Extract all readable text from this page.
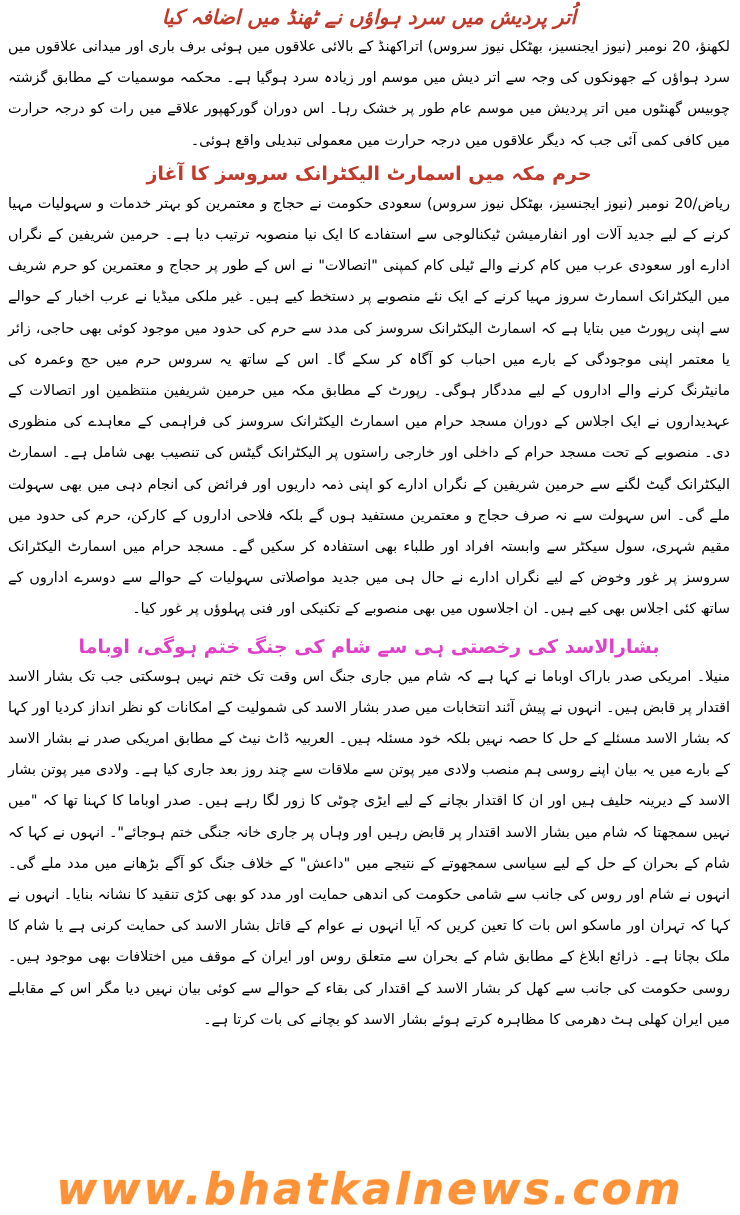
اُتر پردیش میں سرد ہواؤں نے ٹھنڈ میں اضافہ کیا

لکھنؤ، 20 نومبر (نیوز ایجنسیز، بھٹکل نیوز سروس) اتراکھنڈ کے بالائی علاقوں میں ہوئی برف باری اور میدانی علاقوں میں سرد ہواؤں کے جھونکوں کی وجہ سے اتر دیش میں موسم اور زیادہ سرد ہوگیا ہے۔ محکمہ موسمیات کے مطابق گزشتہ چوبیس گھنٹوں میں اتر پردیش میں موسم عام طور پر خشک رہا۔ اس دوران گورکھپور علاقے میں رات کو درجہ حرارت میں کافی کمی آئی جب کہ دیگر علاقوں میں درجہ حرارت میں معمولی تبدیلی واقع ہوئی۔

حرم مکہ میں اسمارٹ الیکٹرانک سروسز کا آغاز

ریاض/20 نومبر (نیوز ایجنسیز، بھٹکل نیوز سروس) سعودی حکومت نے حجاج و معتمرین کو بہتر خدمات و سہولیات مہیا کرنے کے لیے جدید آلات اور انفارمیشن ٹیکنالوجی سے استفادے کا ایک نیا منصوبہ ترتیب دیا ہے۔ حرمین شریفین کے نگراں ادارے اور سعودی عرب میں کام کرنے والے ٹیلی کام کمپنی "اتصالات" نے اس کے طور پر حجاج و معتمرین کو حرم شریف میں الیکٹرانک اسمارٹ سروز مہیا کرنے کے ایک نئے منصوبے پر دستخط کیے ہیں۔ غیر ملکی میڈیا نے عرب اخبار کے حوالے سے اپنی رپورٹ میں بتایا ہے کہ اسمارٹ الیکٹرانک سروسز کی مدد سے حرم کی حدود میں موجود کوئی بھی حاجی، زائر یا معتمر اپنی موجودگی کے بارے میں احباب کو آگاہ کر سکے گا۔ اس کے ساتھ یہ سروس حرم میں حج وعمرہ کی مانیٹرنگ کرنے والے اداروں کے لیے مددگار ہوگی۔ رپورٹ کے مطابق مکہ میں حرمین شریفین منتظمین اور اتصالات کے عہدیداروں نے ایک اجلاس کے دوران مسجد حرام میں اسمارٹ الیکٹرانک سروسز کی فراہمی کے معاہدے کی منظوری دی۔ منصوبے کے تحت مسجد حرام کے داخلی اور خارجی راستوں پر الیکٹرانک گیٹس کی تنصیب بھی شامل ہے۔ اسمارٹ الیکٹرانک گیٹ لگنے سے حرمین شریفین کے نگراں ادارے کو اپنی ذمہ داریوں اور فرائض کی انجام دہی میں بھی سہولت ملے گی۔ اس سہولت سے نہ صرف حجاج و معتمرین مستفید ہوں گے بلکہ فلاحی اداروں کے کارکن، حرم کی حدود میں مقیم شہری، سول سیکٹر سے وابستہ افراد اور طلباء بھی استفادہ کر سکیں گے۔ مسجد حرام میں اسمارٹ الیکٹرانک سروسز پر غور وخوض کے لیے نگراں ادارے نے حال ہی میں جدید مواصلاتی سہولیات کے حوالے سے دوسرے اداروں کے ساتھ کئی اجلاس بھی کیے ہیں۔ ان اجلاسوں میں بھی منصوبے کے تکنیکی اور فنی پہلوؤں پر غور کیا۔

بشارالاسد کی رخصتی ہی سے شام کی جنگ ختم ہوگی، اوباما

منیلا۔ امریکی صدر باراک اوباما نے کہا ہے کہ شام میں جاری جنگ اس وقت تک ختم نہیں ہوسکتی جب تک بشار الاسد اقتدار پر قابض ہیں۔ انہوں نے پیش آئند انتخابات میں صدر بشار الاسد کی شمولیت کے امکانات کو نظر انداز کردیا اور کہا کہ بشار الاسد مسئلے کے حل کا حصہ نہیں بلکہ خود مسئلہ ہیں۔ العربیہ ڈاٹ نیٹ کے مطابق امریکی صدر نے بشار الاسد کے بارے میں یہ بیان اپنے روسی ہم منصب ولادی میر پوتن سے ملاقات سے چند روز بعد جاری کیا ہے۔ ولادی میر پوتن بشار الاسد کے دیرینہ حلیف ہیں اور ان کا اقتدار بچانے کے لیے ایڑی چوٹی کا زور لگا رہے ہیں۔ صدر اوباما کا کہنا تھا کہ "میں نہیں سمجھتا کہ شام میں بشار الاسد اقتدار پر قابض رہیں اور وہاں پر جاری خانہ جنگی ختم ہوجائے"۔ انہوں نے کہا کہ شام کے بحران کے حل کے لیے سیاسی سمجھوتے کے نتیجے میں "داعش" کے خلاف جنگ کو آگے بڑھانے میں مدد ملے گی۔ انہوں نے شام اور روس کی جانب سے شامی حکومت کی اندھی حمایت اور مدد کو بھی کڑی تنقید کا نشانہ بنایا۔ انہوں نے کہا کہ تہران اور ماسکو اس بات کا تعین کریں کہ آیا انہوں نے عوام کے قاتل بشار الاسد کی حمایت کرنی ہے یا شام کا ملک بچانا ہے۔ ذرائع ابلاغ کے مطابق شام کے بحران سے متعلق روس اور ایران کے موقف میں اختلافات بھی موجود ہیں۔ روسی حکومت کی جانب سے کھل کر بشار الاسد کے اقتدار کی بقاء کے حوالے سے کوئی بیان نہیں دیا مگر اس کے مقابلے میں ایران کھلی ہٹ دھرمی کا مظاہرہ کرتے ہوئے بشار الاسد کو بچانے کی بات کرتا ہے۔

www.bhatkalnews.com
